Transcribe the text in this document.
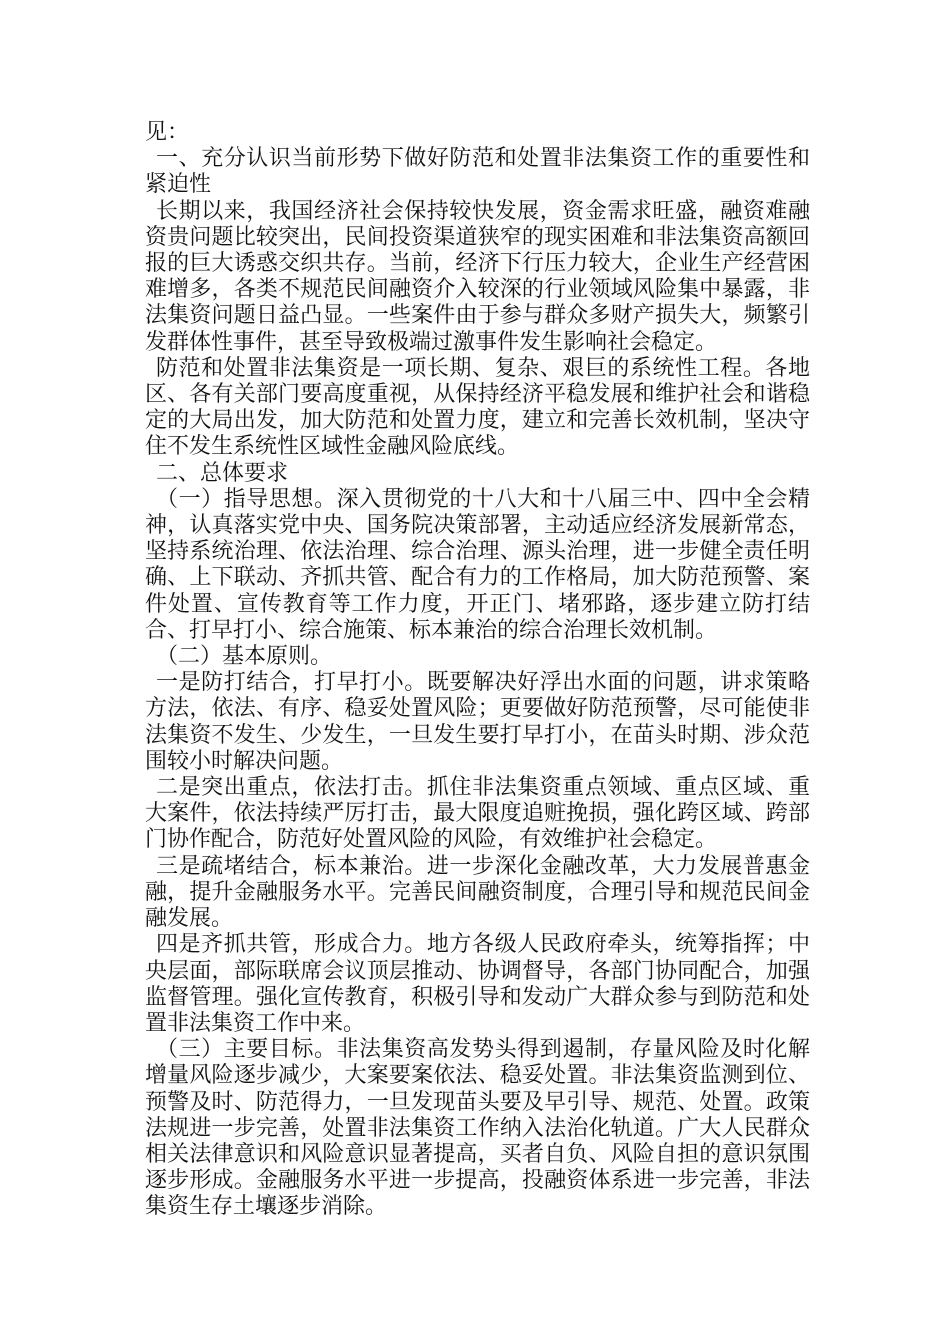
见：

一、充分认识当前形势下做好防范和处置非法集资工作的重要性和紧迫性

长期以来，我国经济社会保持较快发展，资金需求旺盛，融资难融资贵问题比较突出，民间投资渠道狭窄的现实困难和非法集资高额回报的巨大诱惑交织共存。当前，经济下行压力较大，企业生产经营困难增多，各类不规范民间融资介入较深的行业领域风险集中暴露，非法集资问题日益凸显。一些案件由于参与群众多财产损失大，频繁引发群体性事件，甚至导致极端过激事件发生影响社会稳定。

防范和处置非法集资是一项长期、复杂、艰巨的系统性工程。各地区、各有关部门要高度重视，从保持经济平稳发展和维护社会和谐稳定的大局出发，加大防范和处置力度，建立和完善长效机制，坚决守住不发生系统性区域性金融风险底线。

二、总体要求

（一）指导思想。深入贯彻党的十八大和十八届三中、四中全会精神，认真落实党中央、国务院决策部署，主动适应经济发展新常态，坚持系统治理、依法治理、综合治理、源头治理，进一步健全责任明确、上下联动、齐抓共管、配合有力的工作格局，加大防范预警、案件处置、宣传教育等工作力度，开正门、堵邪路，逐步建立防打结合、打早打小、综合施策、标本兼治的综合治理长效机制。

（二）基本原则。

一是防打结合，打早打小。既要解决好浮出水面的问题，讲求策略方法，依法、有序、稳妥处置风险；更要做好防范预警，尽可能使非法集资不发生、少发生，一旦发生要打早打小，在苗头时期、涉众范围较小时解决问题。

二是突出重点，依法打击。抓住非法集资重点领域、重点区域、重大案件，依法持续严厉打击，最大限度追赃挽损，强化跨区域、跨部门协作配合，防范好处置风险的风险，有效维护社会稳定。

三是疏堵结合，标本兼治。进一步深化金融改革，大力发展普惠金融，提升金融服务水平。完善民间融资制度，合理引导和规范民间金融发展。

四是齐抓共管，形成合力。地方各级人民政府牵头，统筹指挥；中央层面，部际联席会议顶层推动、协调督导，各部门协同配合，加强监督管理。强化宣传教育，积极引导和发动广大群众参与到防范和处置非法集资工作中来。

（三）主要目标。非法集资高发势头得到遏制，存量风险及时化解增量风险逐步减少，大案要案依法、稳妥处置。非法集资监测到位、预警及时、防范得力，一旦发现苗头要及早引导、规范、处置。政策法规进一步完善，处置非法集资工作纳入法治化轨道。广大人民群众相关法律意识和风险意识显著提高，买者自负、风险自担的意识氛围逐步形成。金融服务水平进一步提高，投融资体系进一步完善，非法集资生存土壤逐步消除。
